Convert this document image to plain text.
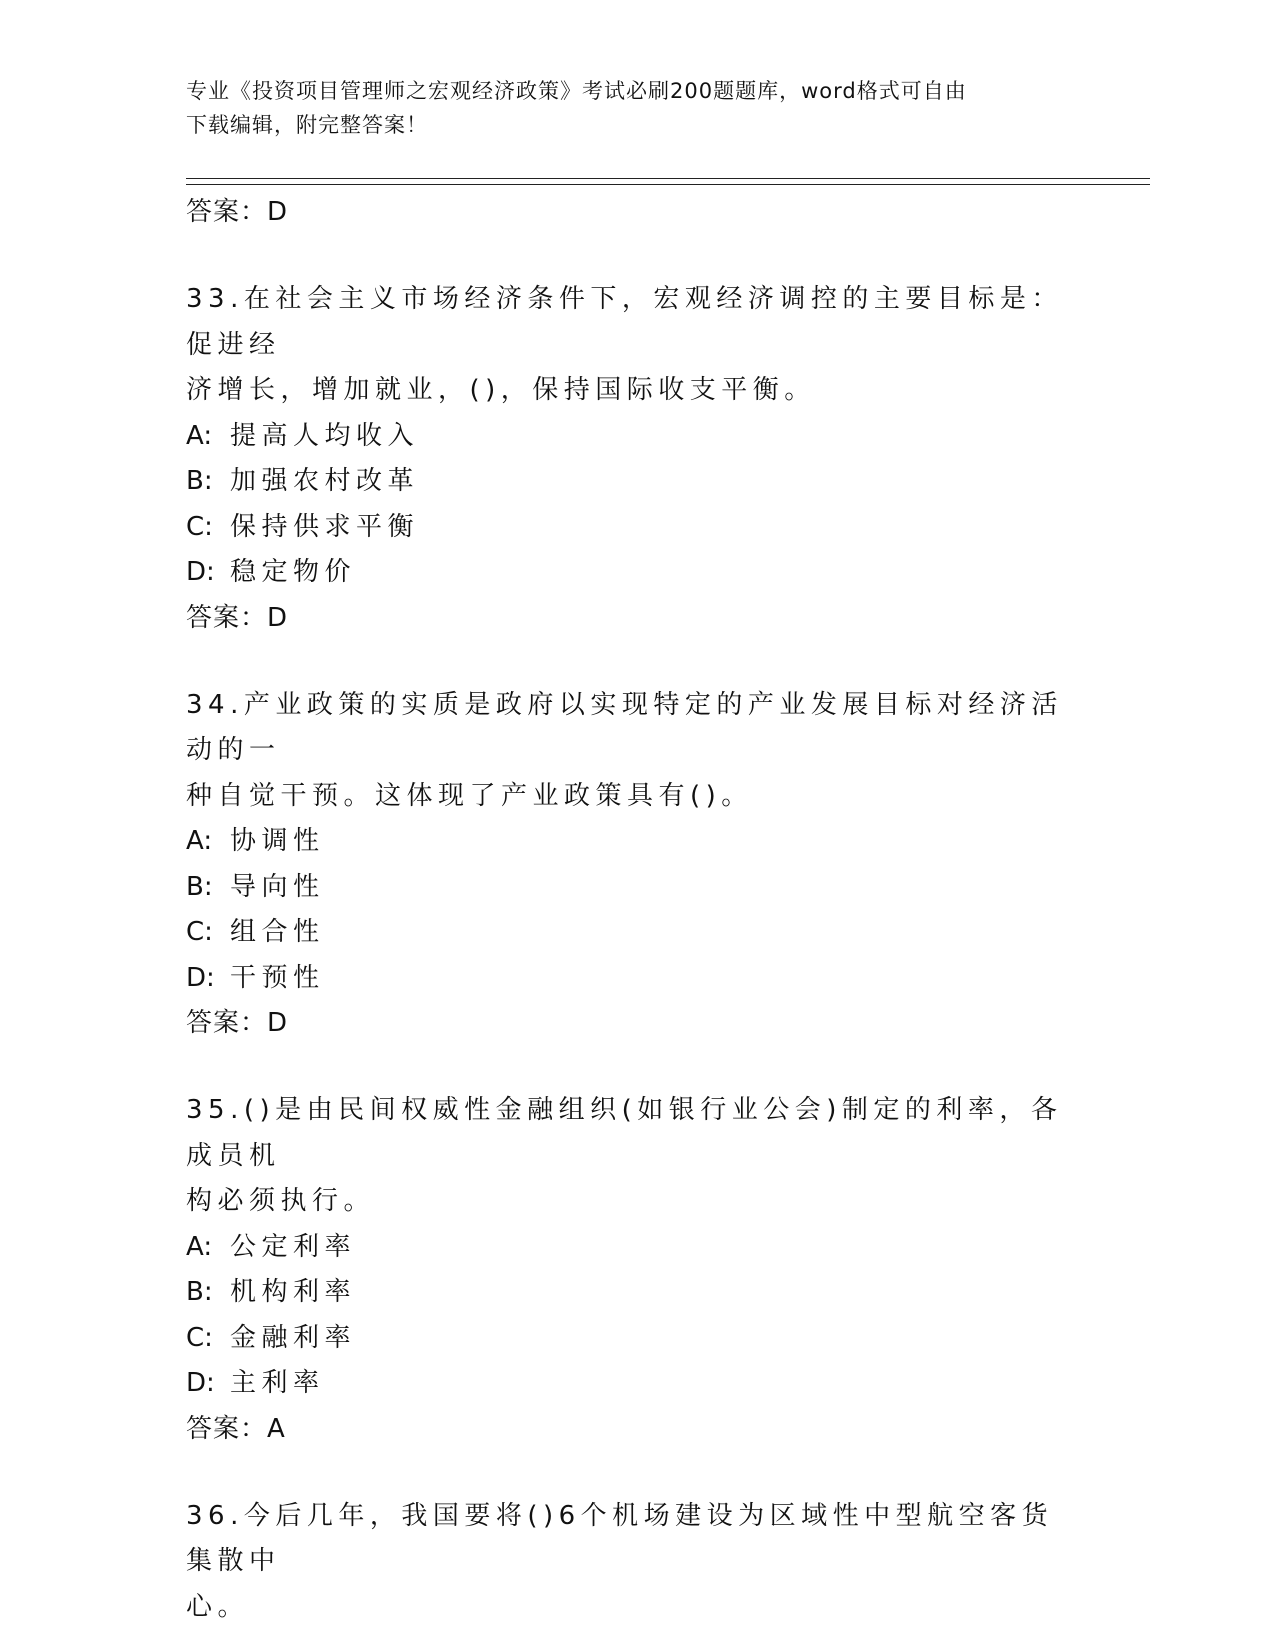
专业《投资项目管理师之宏观经济政策》考试必刷200题题库，word格式可自由
下载编辑，附完整答案！
答案：D
33.在社会主义市场经济条件下，宏观经济调控的主要目标是：促进经
济增长，增加就业，()，保持国际收支平衡。
A: 提高人均收入
B: 加强农村改革
C: 保持供求平衡
D: 稳定物价
答案：D
34.产业政策的实质是政府以实现特定的产业发展目标对经济活动的一
种自觉干预。这体现了产业政策具有()。
A: 协调性
B: 导向性
C: 组合性
D: 干预性
答案：D
35.()是由民间权威性金融组织(如银行业公会)制定的利率，各成员机
构必须执行。
A: 公定利率
B: 机构利率
C: 金融利率
D: 主利率
答案：A
36.今后几年，我国要将()6个机场建设为区域性中型航空客货集散中
心。
